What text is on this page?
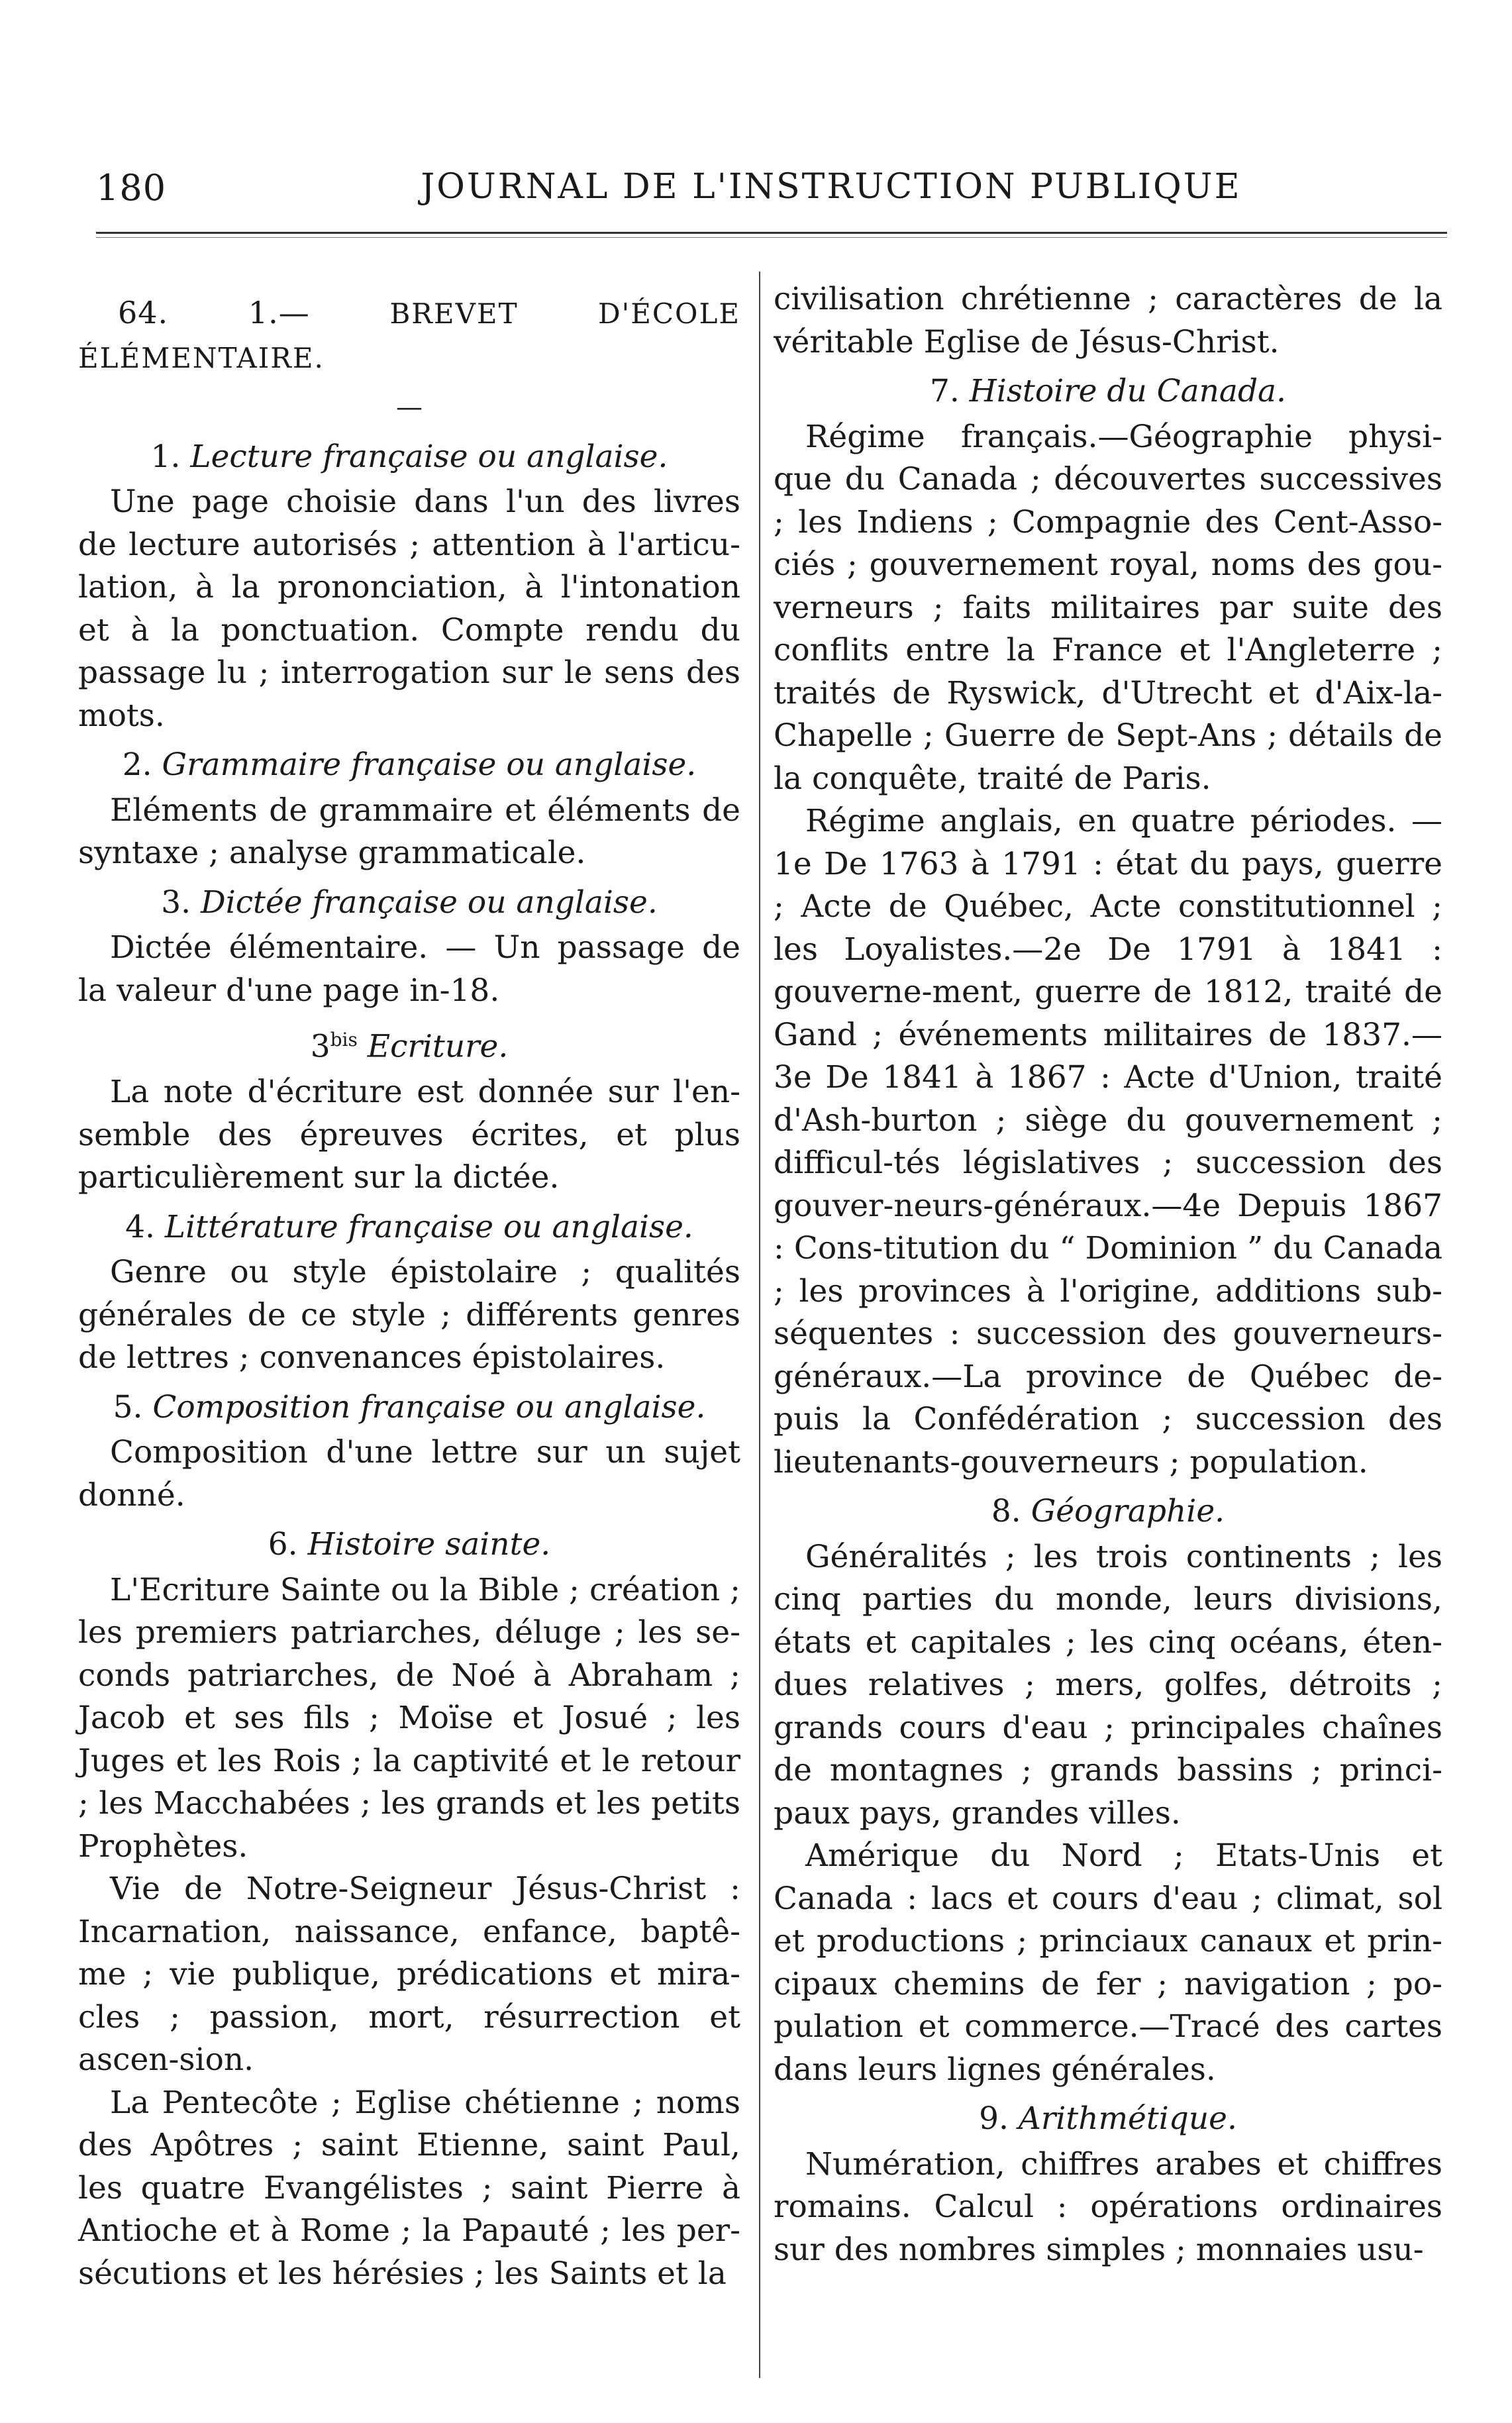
180	JOURNAL DE L'INSTRUCTION PUBLIQUE
64. 1.—	BREVET D'ÉCOLE ÉLÉMENTAIRE.
—
1. Lecture française ou anglaise.

Une page choisie dans l'un des livres de lecture autorisés ; attention à l'articu-lation, à la prononciation, à l'intonation et à la ponctuation. Compte rendu du passage lu ; interrogation sur le sens des mots.

2. Grammaire française ou anglaise.

Eléments de grammaire et éléments de syntaxe ; analyse grammaticale.

3. Dictée française ou anglaise.

Dictée élémentaire. — Un passage de la valeur d'une page in-18.

$3^{bis}$ Ecriture.

La note d'écriture est donnée sur l'en-semble des épreuves écrites, et plus particulièrement sur la dictée.

4. Littérature française ou anglaise.

Genre ou style épistolaire ; qualités générales de ce style ; différents genres de lettres ; convenances épistolaires.

5. Composition française ou anglaise.

Composition d'une lettre sur un sujet donné.

6. Histoire sainte.

L'Ecriture Sainte ou la Bible ; création ; les premiers patriarches, déluge ; les se-conds patriarches, de Noé à Abraham ; Jacob et ses fils ; Moïse et Josué ; les Juges et les Rois ; la captivité et le retour ; les Macchabées ; les grands et les petits Prophètes.

Vie de Notre-Seigneur Jésus-Christ : Incarnation, naissance, enfance, baptê-me ; vie publique, prédications et mira-cles ; passion, mort, résurrection et ascen-sion.

La Pentecôte ; Eglise chétienne ; noms des Apôtres ; saint Etienne, saint Paul, les quatre Evangélistes ; saint Pierre à Antioche et à Rome ; la Papauté ; les per-sécutions et les hérésies ; les Saints et la

civilisation chrétienne ; caractères de la véritable Eglise de Jésus-Christ.

7. Histoire du Canada.

Régime français.—Géographie physi-que du Canada ; découvertes successives ; les Indiens ; Compagnie des Cent-Asso-ciés ; gouvernement royal, noms des gou-verneurs ; faits militaires par suite des conflits entre la France et l'Angleterre ; traités de Ryswick, d'Utrecht et d'Aix-la-Chapelle ; Guerre de Sept-Ans ; détails de la conquête, traité de Paris.

Régime anglais, en quatre périodes. —1e De 1763 à 1791 : état du pays, guerre ; Acte de Québec, Acte constitutionnel ; les Loyalistes.—2e De 1791 à 1841 : gouverne-ment, guerre de 1812, traité de Gand ; événements militaires de 1837.—3e De 1841 à 1867 : Acte d'Union, traité d'Ash-burton ; siège du gouvernement ; difficul-tés législatives ; succession des gouver-neurs-généraux.—4e Depuis 1867 : Cons-titution du “ Dominion ” du Canada ; les provinces à l'origine, additions sub-séquentes : succession des gouverneurs-généraux.—La province de Québec de-puis la Confédération ; succession des lieutenants-gouverneurs ; population.

8. Géographie.

Généralités ; les trois continents ; les cinq parties du monde, leurs divisions, états et capitales ; les cinq océans, éten-dues relatives ; mers, golfes, détroits ; grands cours d'eau ; principales chaînes de montagnes ; grands bassins ; princi-paux pays, grandes villes.

Amérique du Nord ; Etats-Unis et Canada : lacs et cours d'eau ; climat, sol et productions ; princiaux canaux et prin-cipaux chemins de fer ; navigation ; po-pulation et commerce.—Tracé des cartes dans leurs lignes générales.

9. Arithmétique.

Numération, chiffres arabes et chiffres romains. Calcul : opérations ordinaires sur des nombres simples ; monnaies usu-
